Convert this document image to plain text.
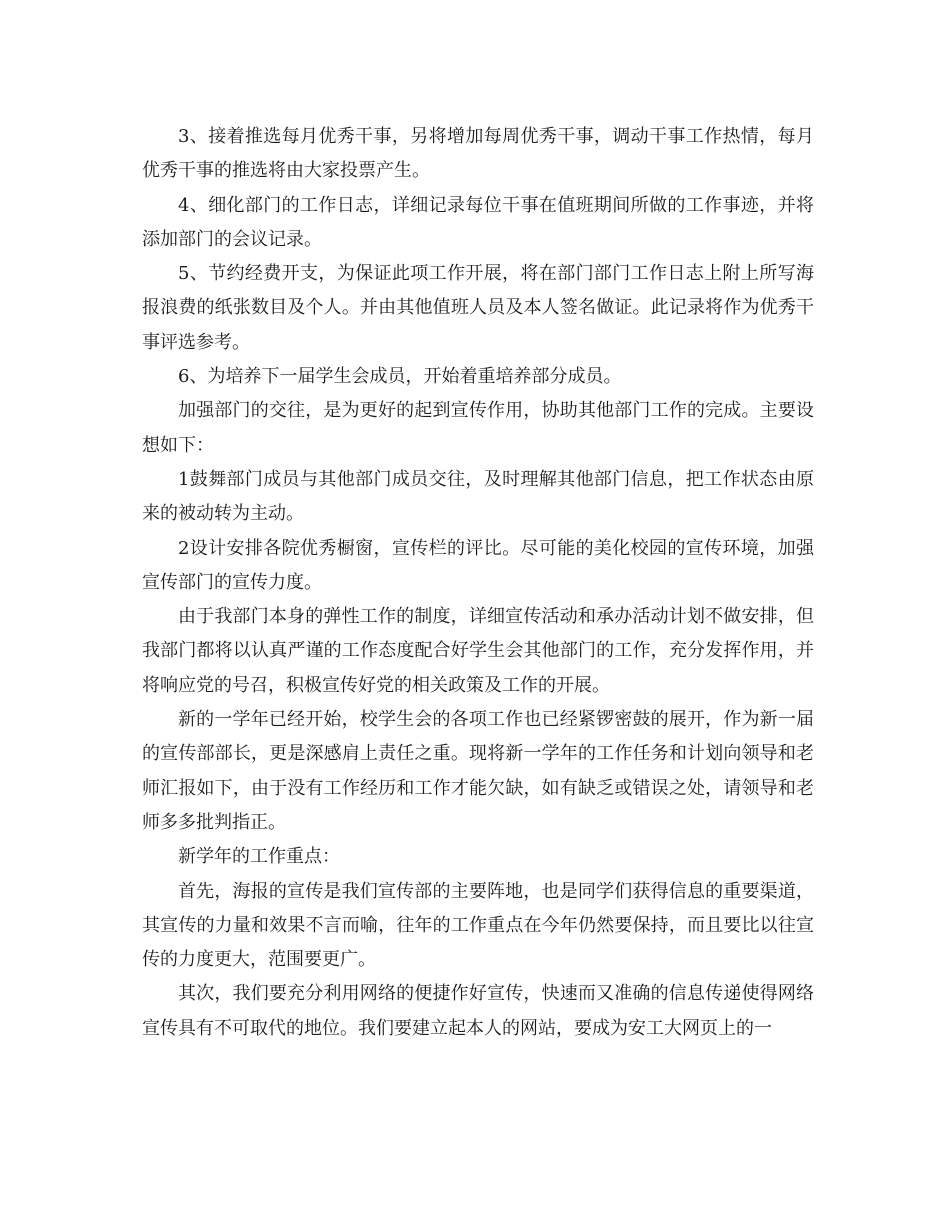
3、接着推选每月优秀干事，另将增加每周优秀干事，调动干事工作热情，每月优秀干事的推选将由大家投票产生。

4、细化部门的工作日志，详细记录每位干事在值班期间所做的工作事迹，并将添加部门的会议记录。

5、节约经费开支，为保证此项工作开展，将在部门部门工作日志上附上所写海报浪费的纸张数目及个人。并由其他值班人员及本人签名做证。此记录将作为优秀干事评选参考。

6、为培养下一届学生会成员，开始着重培养部分成员。

加强部门的交往，是为更好的起到宣传作用，协助其他部门工作的完成。主要设想如下：

1鼓舞部门成员与其他部门成员交往，及时理解其他部门信息，把工作状态由原来的被动转为主动。

2设计安排各院优秀橱窗，宣传栏的评比。尽可能的美化校园的宣传环境，加强宣传部门的宣传力度。

由于我部门本身的弹性工作的制度，详细宣传活动和承办活动计划不做安排，但我部门都将以认真严谨的工作态度配合好学生会其他部门的工作，充分发挥作用，并将响应党的号召，积极宣传好党的相关政策及工作的开展。

新的一学年已经开始，校学生会的各项工作也已经紧锣密鼓的展开，作为新一届的宣传部部长，更是深感肩上责任之重。现将新一学年的工作任务和计划向领导和老师汇报如下，由于没有工作经历和工作才能欠缺，如有缺乏或错误之处，请领导和老师多多批判指正。

新学年的工作重点：

首先，海报的宣传是我们宣传部的主要阵地，也是同学们获得信息的重要渠道，其宣传的力量和效果不言而喻，往年的工作重点在今年仍然要保持，而且要比以往宣传的力度更大，范围要更广。

其次，我们要充分利用网络的便捷作好宣传，快速而又准确的信息传递使得网络宣传具有不可取代的地位。我们要建立起本人的网站，要成为安工大网页上的一
